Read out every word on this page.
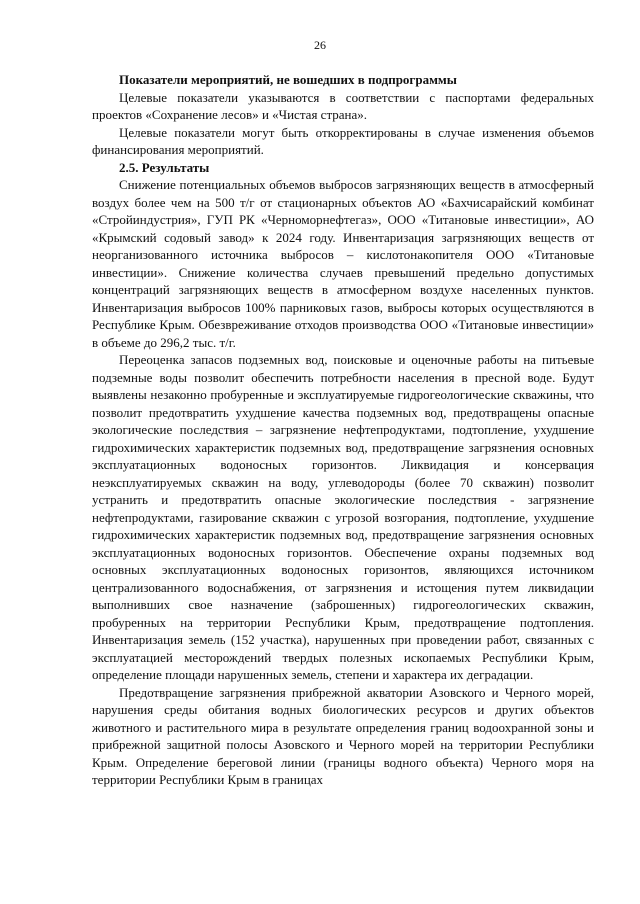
26

Показатели мероприятий, не вошедших в подпрограммы

Целевые показатели указываются в соответствии с паспортами федеральных проектов «Сохранение лесов» и «Чистая страна».

Целевые показатели могут быть откорректированы в случае изменения объемов финансирования мероприятий.

2.5. Результаты

Снижение потенциальных объемов выбросов загрязняющих веществ в атмосферный воздух более чем на 500 т/г от стационарных объектов АО «Бахчисарайский комбинат «Стройиндустрия», ГУП РК «Черноморнефтегаз», ООО «Титановые инвестиции», АО «Крымский содовый завод» к 2024 году. Инвентаризация загрязняющих веществ от неорганизованного источника выбросов – кислотонакопителя ООО «Титановые инвестиции». Снижение количества случаев превышений предельно допустимых концентраций загрязняющих веществ в атмосферном воздухе населенных пунктов. Инвентаризация выбросов 100% парниковых газов, выбросы которых осуществляются в Республике Крым. Обезвреживание отходов производства ООО «Титановые инвестиции» в объеме до 296,2 тыс. т/г.

Переоценка запасов подземных вод, поисковые и оценочные работы на питьевые подземные воды позволит обеспечить потребности населения в пресной воде. Будут выявлены незаконно пробуренные и эксплуатируемые гидрогеологические скважины, что позволит предотвратить ухудшение качества подземных вод, предотвращены опасные экологические последствия – загрязнение нефтепродуктами, подтопление, ухудшение гидрохимических характеристик подземных вод, предотвращение загрязнения основных эксплуатационных водоносных горизонтов. Ликвидация и консервация неэксплуатируемых скважин на воду, углеводороды (более 70 скважин) позволит устранить и предотвратить опасные экологические последствия - загрязнение нефтепродуктами, газирование скважин с угрозой возгорания, подтопление, ухудшение гидрохимических характеристик подземных вод, предотвращение загрязнения основных эксплуатационных водоносных горизонтов. Обеспечение охраны подземных вод основных эксплуатационных водоносных горизонтов, являющихся источником централизованного водоснабжения, от загрязнения и истощения путем ликвидации выполнивших свое назначение (заброшенных) гидрогеологических скважин, пробуренных на территории Республики Крым, предотвращение подтопления. Инвентаризация земель (152 участка), нарушенных при проведении работ, связанных с эксплуатацией месторождений твердых полезных ископаемых Республики Крым, определение площади нарушенных земель, степени и характера их деградации.

Предотвращение загрязнения прибрежной акватории Азовского и Черного морей, нарушения среды обитания водных биологических ресурсов и других объектов животного и растительного мира в результате определения границ водоохранной зоны и прибрежной защитной полосы Азовского и Черного морей на территории Республики Крым. Определение береговой линии (границы водного объекта) Черного моря на территории Республики Крым в границах
